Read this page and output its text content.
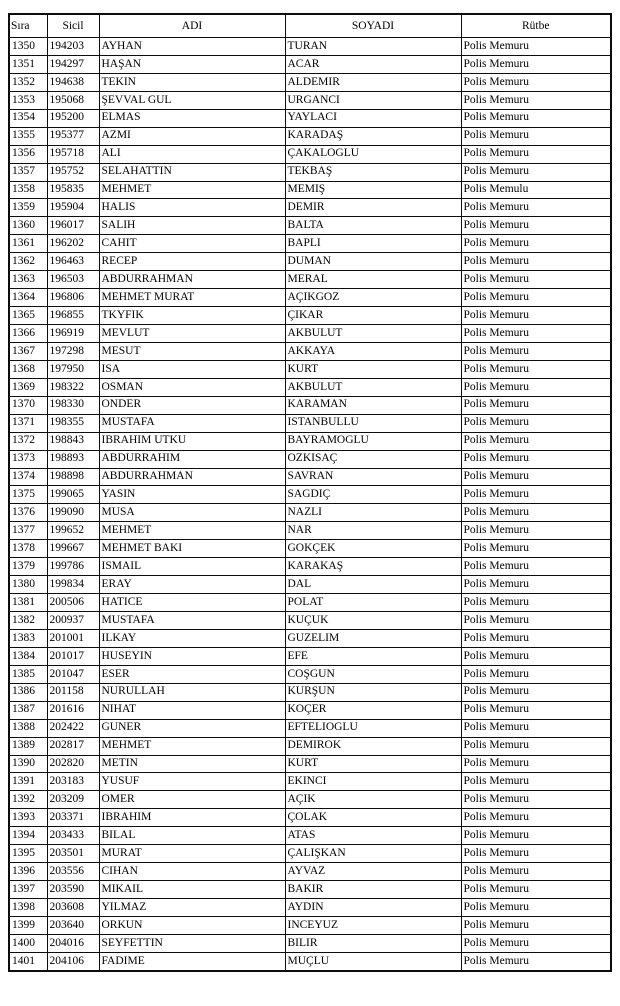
Sıra	Sicil	ADI	SOYADI	Rütbe
1350	194203	AYHAN	TURAN	Polis Memuru
1351	194297	HAŞAN	ACAR	Polis Memuru
1352	194638	TEKIN	ALDEMIR	Polis Memuru
1353	195068	ŞEVVAL GUL	URGANCI	Polis Memuru
1354	195200	ELMAS	YAYLACI	Polis Memuru
1355	195377	AZMI	KARADAŞ	Polis Memuru
1356	195718	ALI	ÇAKALOGLU	Polis Memuru
1357	195752	SELAHATTIN	TEKBAŞ	Polis Memuru
1358	195835	MEHMET	MEMIŞ	Polis Memulu
1359	195904	HALIS	DEMIR	Polis Memuru
1360	196017	SALIH	BALTA	Polis Memuru
1361	196202	CAHIT	BAPLI	Polis Memuru
1362	196463	RECEP	DUMAN	Polis Memuru
1363	196503	ABDURRAHMAN	MERAL	Polis Memuru
1364	196806	MEHMET MURAT	AÇIKGOZ	Polis Memuru
1365	196855	TKYFIK	ÇIKAR	Polis Memuru
1366	196919	MEVLUT	AKBULUT	Polis Memuru
1367	197298	MESUT	AKKAYA	Polis Memuru
1368	197950	ISA	KURT	Polis Memuru
1369	198322	OSMAN	AKBULUT	Polis Memuru
1370	198330	ONDER	KARAMAN	Polis Memuru
1371	198355	MUSTAFA	ISTANBULLU	Polis Memuru
1372	198843	IBRAHIM UTKU	BAYRAMOGLU	Polis Memuru
1373	198893	ABDURRAHIM	OZKISAÇ	Polis Memuru
1374	198898	ABDURRAHMAN	SAVRAN	Polis Memuru
1375	199065	YASIN	SAGDIÇ	Polis Memuru
1376	199090	MUSA	NAZLI	Polis Memuru
1377	199652	MEHMET	NAR	Polis Memuru
1378	199667	MEHMET BAKI	GOKÇEK	Polis Memuru
1379	199786	ISMAIL	KARAKAŞ	Polis Memuru
1380	199834	ERAY	DAL	Polis Memuru
1381	200506	HATICE	POLAT	Polis Memuru
1382	200937	MUSTAFA	KUÇUK	Polis Memuru
1383	201001	ILKAY	GUZELIM	Polis Memuru
1384	201017	HUSEYIN	EFE	Polis Memuru
1385	201047	ESER	COŞGUN	Polis Memuru
1386	201158	NURULLAH	KURŞUN	Polis Memuru
1387	201616	NIHAT	KOÇER	Polis Memuru
1388	202422	GUNER	EFTELIOGLU	Polis Memuru
1389	202817	MEHMET	DEMIROK	Polis Memuru
1390	202820	METIN	KURT	Polis Memuru
1391	203183	YUSUF	EKINCI	Polis Memuru
1392	203209	OMER	AÇIK	Polis Memuru
1393	203371	IBRAHIM	ÇOLAK	Polis Memuru
1394	203433	BILAL	ATAS	Polis Memuru
1395	203501	MURAT	ÇALIŞKAN	Polis Memuru
1396	203556	CIHAN	AYVAZ	Polis Memuru
1397	203590	MIKAIL	BAKIR	Polis Memuru
1398	203608	YILMAZ	AYDIN	Polis Memuru
1399	203640	ORKUN	INCEYUZ	Polis Memuru
1400	204016	SEYFETTIN	BILIR	Polis Memuru
1401	204106	FADIME	MUÇLU	Polis Memuru
